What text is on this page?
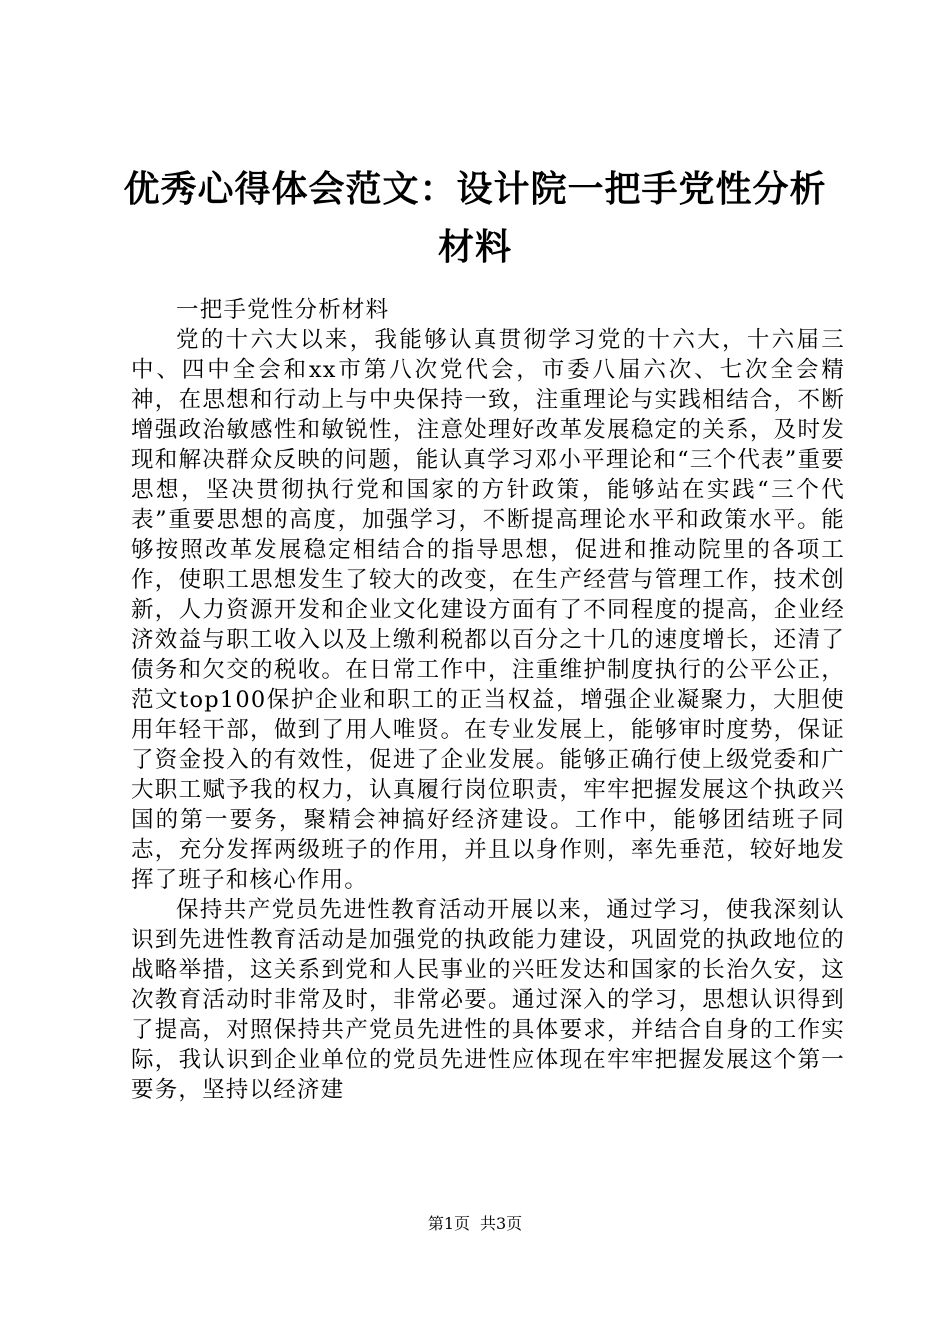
优秀心得体会范文：设计院一把手党性分析材料

一把手党性分析材料

党的十六大以来，我能够认真贯彻学习党的十六大，十六届三中、四中全会和xx市第八次党代会，市委八届六次、七次全会精神，在思想和行动上与中央保持一致，注重理论与实践相结合，不断增强政治敏感性和敏锐性，注意处理好改革发展稳定的关系，及时发现和解决群众反映的问题，能认真学习邓小平理论和“三个代表”重要思想，坚决贯彻执行党和国家的方针政策，能够站在实践“三个代表”重要思想的高度，加强学习，不断提高理论水平和政策水平。能够按照改革发展稳定相结合的指导思想，促进和推动院里的各项工作，使职工思想发生了较大的改变，在生产经营与管理工作，技术创新，人力资源开发和企业文化建设方面有了不同程度的提高，企业经济效益与职工收入以及上缴利税都以百分之十几的速度增长，还清了债务和欠交的税收。在日常工作中，注重维护制度执行的公平公正，范文top100保护企业和职工的正当权益，增强企业凝聚力，大胆使用年轻干部，做到了用人唯贤。在专业发展上，能够审时度势，保证了资金投入的有效性，促进了企业发展。能够正确行使上级党委和广大职工赋予我的权力，认真履行岗位职责，牢牢把握发展这个执政兴国的第一要务，聚精会神搞好经济建设。工作中，能够团结班子同志，充分发挥两级班子的作用，并且以身作则，率先垂范，较好地发挥了班子和核心作用。

保持共产党员先进性教育活动开展以来，通过学习，使我深刻认识到先进性教育活动是加强党的执政能力建设，巩固党的执政地位的战略举措，这关系到党和人民事业的兴旺发达和国家的长治久安，这次教育活动时非常及时，非常必要。通过深入的学习，思想认识得到了提高，对照保持共产党员先进性的具体要求，并结合自身的工作实际，我认识到企业单位的党员先进性应体现在牢牢把握发展这个第一要务，坚持以经济建

第1页 共3页
